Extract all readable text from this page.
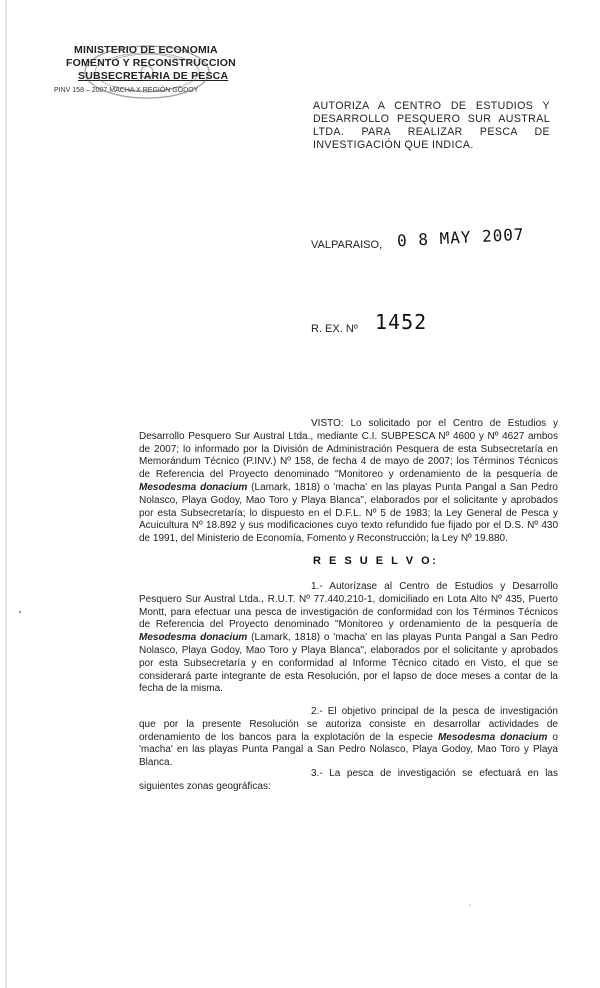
MINISTERIO DE ECONOMIA
FOMENTO Y RECONSTRUCCION
SUBSECRETARIA DE PESCA
PINV 158 – 2007 MACHA X REGIÓN GODOY
AUTORIZA A CENTRO DE ESTUDIOS Y DESARROLLO PESQUERO SUR AUSTRAL LTDA. PARA REALIZAR PESCA DE INVESTIGACIÓN QUE INDICA.
VALPARAISO, 0 8 MAY 2007
R. EX. Nº 1452
VISTO: Lo solicitado por el Centro de Estudios y Desarrollo Pesquero Sur Austral Ltda., mediante C.I. SUBPESCA Nº 4600 y Nº 4627 ambos de 2007; lo informado por la División de Administración Pesquera de esta Subsecretaría en Memorándum Técnico (P.INV.) Nº 158, de fecha 4 de mayo de 2007; los Términos Técnicos de Referencia del Proyecto denominado "Monitoreo y ordenamiento de la pesquería de Mesodesma donacium (Lamark, 1818) o 'macha' en las playas Punta Pangal a San Pedro Nolasco, Playa Godoy, Mao Toro y Playa Blanca", elaborados por el solicitante y aprobados por esta Subsecretaría; lo dispuesto en el D.F.L. Nº 5 de 1983; la Ley General de Pesca y Acuicultura Nº 18.892 y sus modificaciones cuyo texto refundido fue fijado por el D.S. Nº 430 de 1991, del Ministerio de Economía, Fomento y Reconstrucción; la Ley Nº 19.880.
R E S U E L V O:
1.- Autorízase al Centro de Estudios y Desarrollo Pesquero Sur Austral Ltda., R.U.T. Nº 77.440.210-1, domiciliado en Lota Alto Nº 435, Puerto Montt, para efectuar una pesca de investigación de conformidad con los Términos Técnicos de Referencia del Proyecto denominado "Monitoreo y ordenamiento de la pesquería de Mesodesma donacium (Lamark, 1818) o 'macha' en las playas Punta Pangal a San Pedro Nolasco, Playa Godoy, Mao Toro y Playa Blanca", elaborados por el solicitante y aprobados por esta Subsecretaría y en conformidad al Informe Técnico citado en Visto, el que se considerará parte integrante de esta Resolución, por el lapso de doce meses a contar de la fecha de la misma.
2.- El objetivo principal de la pesca de investigación que por la presente Resolución se autoriza consiste en desarrollar actividades de ordenamiento de los bancos para la explotación de la especie Mesodesma donacium o 'macha' en las playas Punta Pangal a San Pedro Nolasco, Playa Godoy, Mao Toro y Playa Blanca.
3.- La pesca de investigación se efectuará en las siguientes zonas geográficas:
